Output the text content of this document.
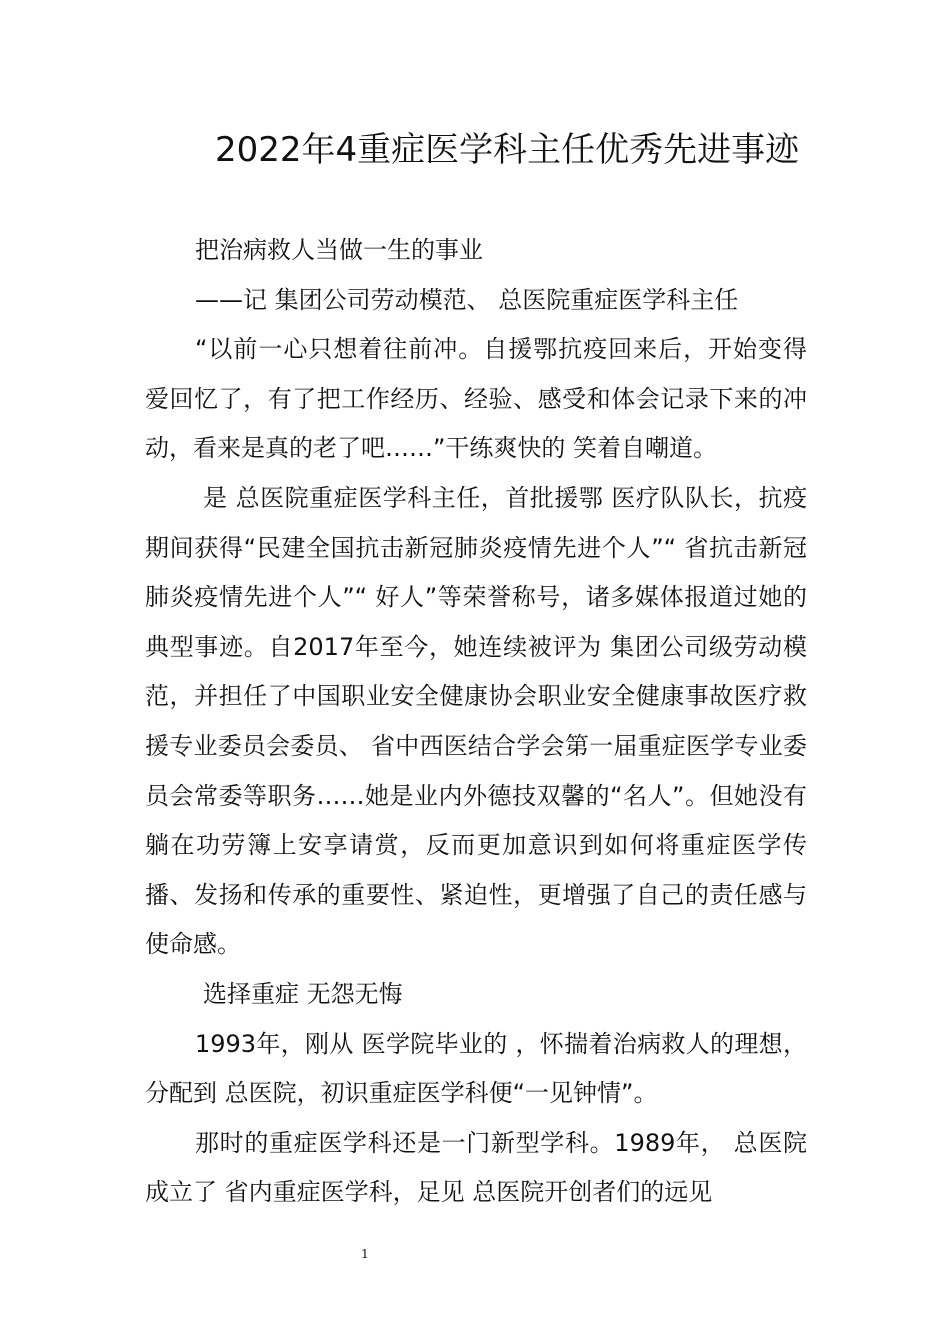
2022年4重症医学科主任优秀先进事迹

把治病救人当做一生的事业

——记 集团公司劳动模范、 总医院重症医学科主任

“以前一心只想着往前冲。自援鄂抗疫回来后，开始变得爱回忆了，有了把工作经历、经验、感受和体会记录下来的冲动，看来是真的老了吧……”干练爽快的 笑着自嘲道。

是 总医院重症医学科主任，首批援鄂 医疗队队长，抗疫期间获得“民建全国抗击新冠肺炎疫情先进个人”“ 省抗击新冠肺炎疫情先进个人”“ 好人”等荣誉称号，诸多媒体报道过她的典型事迹。自2017年至今，她连续被评为 集团公司级劳动模范，并担任了中国职业安全健康协会职业安全健康事故医疗救援专业委员会委员、 省中西医结合学会第一届重症医学专业委员会常委等职务……她是业内外德技双馨的“名人”。但她没有躺在功劳簿上安享请赏，反而更加意识到如何将重症医学传播、发扬和传承的重要性、紧迫性，更增强了自己的责任感与使命感。

选择重症 无怨无悔

1993年，刚从 医学院毕业的 ，怀揣着治病救人的理想，分配到 总医院，初识重症医学科便“一见钟情”。

那时的重症医学科还是一门新型学科。1989年， 总医院成立了 省内重症医学科，足见 总医院开创者们的远见

1
